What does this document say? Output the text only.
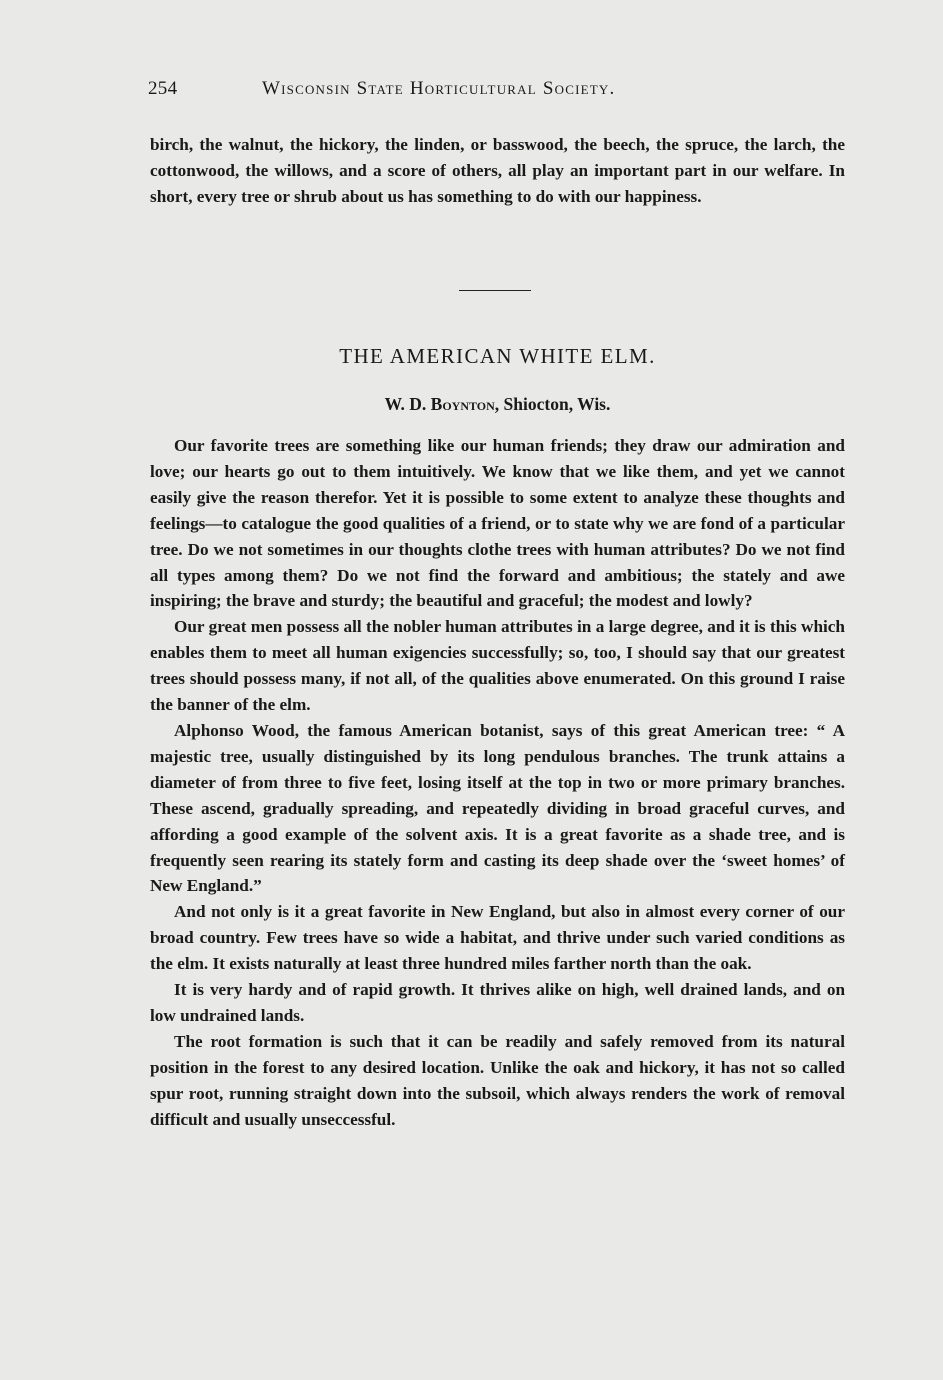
254	Wisconsin State Horticultural Society.

birch, the walnut, the hickory, the linden, or basswood, the beech, the spruce, the larch, the cottonwood, the willows, and a score of others, all play an important part in our welfare. In short, every tree or shrub about us has something to do with our happiness.

THE AMERICAN WHITE ELM.

W. D. Boynton, Shiocton, Wis.

Our favorite trees are something like our human friends; they draw our admiration and love; our hearts go out to them intuitively. We know that we like them, and yet we cannot easily give the reason therefor. Yet it is possible to some extent to analyze these thoughts and feelings—to catalogue the good qualities of a friend, or to state why we are fond of a particular tree. Do we not sometimes in our thoughts clothe trees with human attributes? Do we not find all types among them? Do we not find the forward and ambitious; the stately and awe inspiring; the brave and sturdy; the beautiful and graceful; the modest and lowly?

Our great men possess all the nobler human attributes in a large degree, and it is this which enables them to meet all human exigencies successfully; so, too, I should say that our greatest trees should possess many, if not all, of the qualities above enumerated. On this ground I raise the banner of the elm.

Alphonso Wood, the famous American botanist, says of this great American tree: “ A majestic tree, usually distinguished by its long pendulous branches. The trunk attains a diameter of from three to five feet, losing itself at the top in two or more primary branches. These ascend, gradually spreading, and repeatedly dividing in broad graceful curves, and affording a good example of the solvent axis. It is a great favorite as a shade tree, and is frequently seen rearing its stately form and casting its deep shade over the ‘sweet homes’ of New England.”

And not only is it a great favorite in New England, but also in almost every corner of our broad country. Few trees have so wide a habitat, and thrive under such varied conditions as the elm. It exists naturally at least three hundred miles farther north than the oak.

It is very hardy and of rapid growth. It thrives alike on high, well drained lands, and on low undrained lands.

The root formation is such that it can be readily and safely removed from its natural position in the forest to any desired location. Unlike the oak and hickory, it has not so called spur root, running straight down into the subsoil, which always renders the work of removal difficult and usually unseccessful.
